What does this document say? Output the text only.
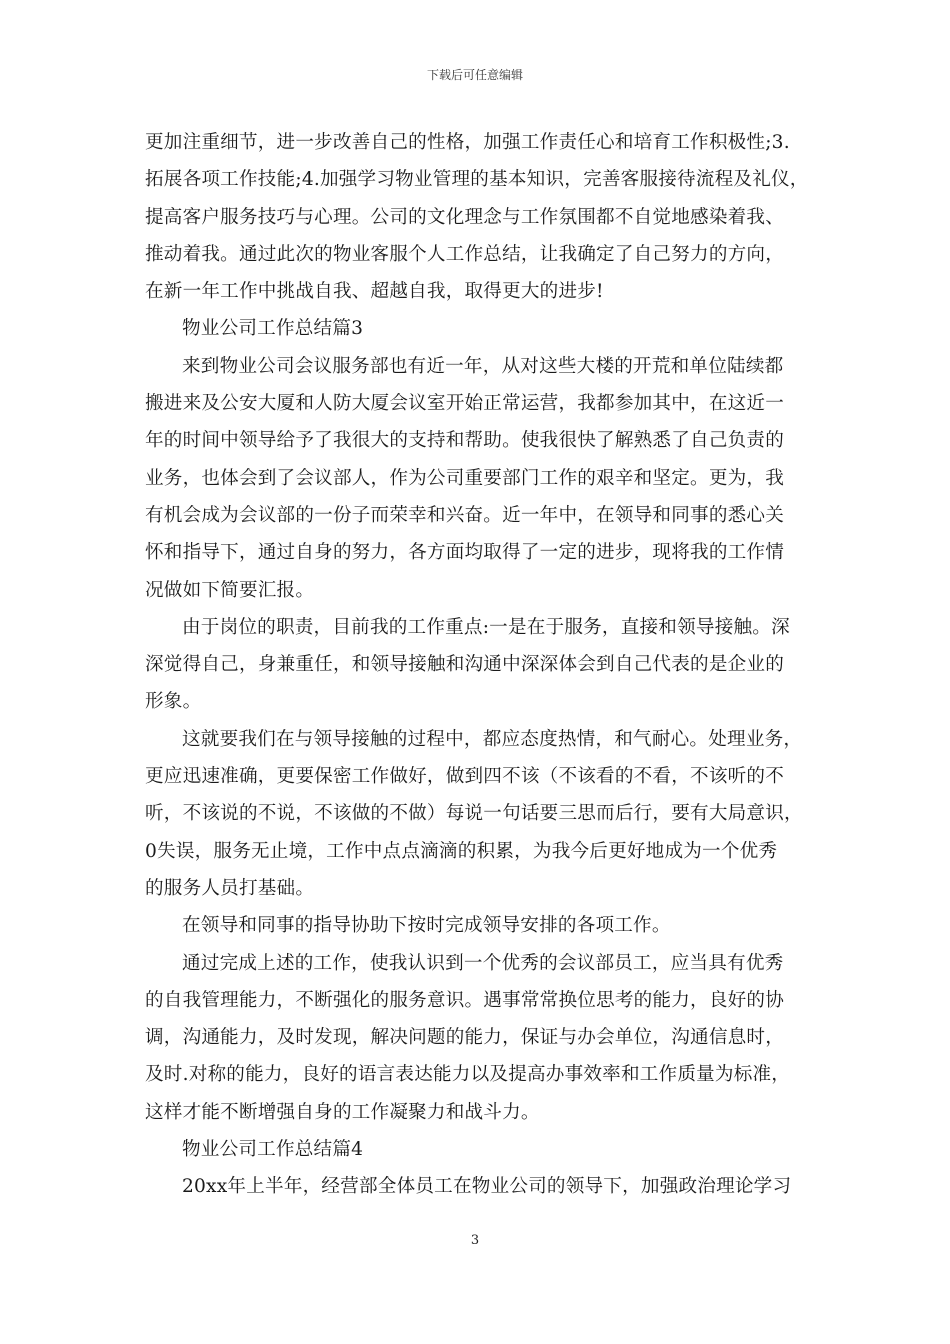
下载后可任意编辑
更加注重细节，进一步改善自己的性格，加强工作责任心和培育工作积极性;3.
拓展各项工作技能;4.加强学习物业管理的基本知识，完善客服接待流程及礼仪，
提高客户服务技巧与心理。公司的文化理念与工作氛围都不自觉地感染着我、
推动着我。通过此次的物业客服个人工作总结，让我确定了自己努力的方向，
在新一年工作中挑战自我、超越自我，取得更大的进步!
物业公司工作总结篇3
来到物业公司会议服务部也有近一年，从对这些大楼的开荒和单位陆续都
搬进来及公安大厦和人防大厦会议室开始正常运营，我都参加其中，在这近一
年的时间中领导给予了我很大的支持和帮助。使我很快了解熟悉了自己负责的
业务，也体会到了会议部人，作为公司重要部门工作的艰辛和坚定。更为，我
有机会成为会议部的一份子而荣幸和兴奋。近一年中，在领导和同事的悉心关
怀和指导下，通过自身的努力，各方面均取得了一定的进步，现将我的工作情
况做如下简要汇报。
由于岗位的职责，目前我的工作重点:一是在于服务，直接和领导接触。深
深觉得自己，身兼重任，和领导接触和沟通中深深体会到自己代表的是企业的
形象。
这就要我们在与领导接触的过程中，都应态度热情，和气耐心。处理业务，
更应迅速准确，更要保密工作做好，做到四不该（不该看的不看，不该听的不
听，不该说的不说，不该做的不做）每说一句话要三思而后行，要有大局意识，
0失误，服务无止境，工作中点点滴滴的积累，为我今后更好地成为一个优秀
的服务人员打基础。
在领导和同事的指导协助下按时完成领导安排的各项工作。
通过完成上述的工作，使我认识到一个优秀的会议部员工，应当具有优秀
的自我管理能力，不断强化的服务意识。遇事常常换位思考的能力，良好的协
调，沟通能力，及时发现，解决问题的能力，保证与办会单位，沟通信息时，
及时.对称的能力，良好的语言表达能力以及提高办事效率和工作质量为标准，
这样才能不断增强自身的工作凝聚力和战斗力。
物业公司工作总结篇4
20xx年上半年，经营部全体员工在物业公司的领导下，加强政治理论学习
3
